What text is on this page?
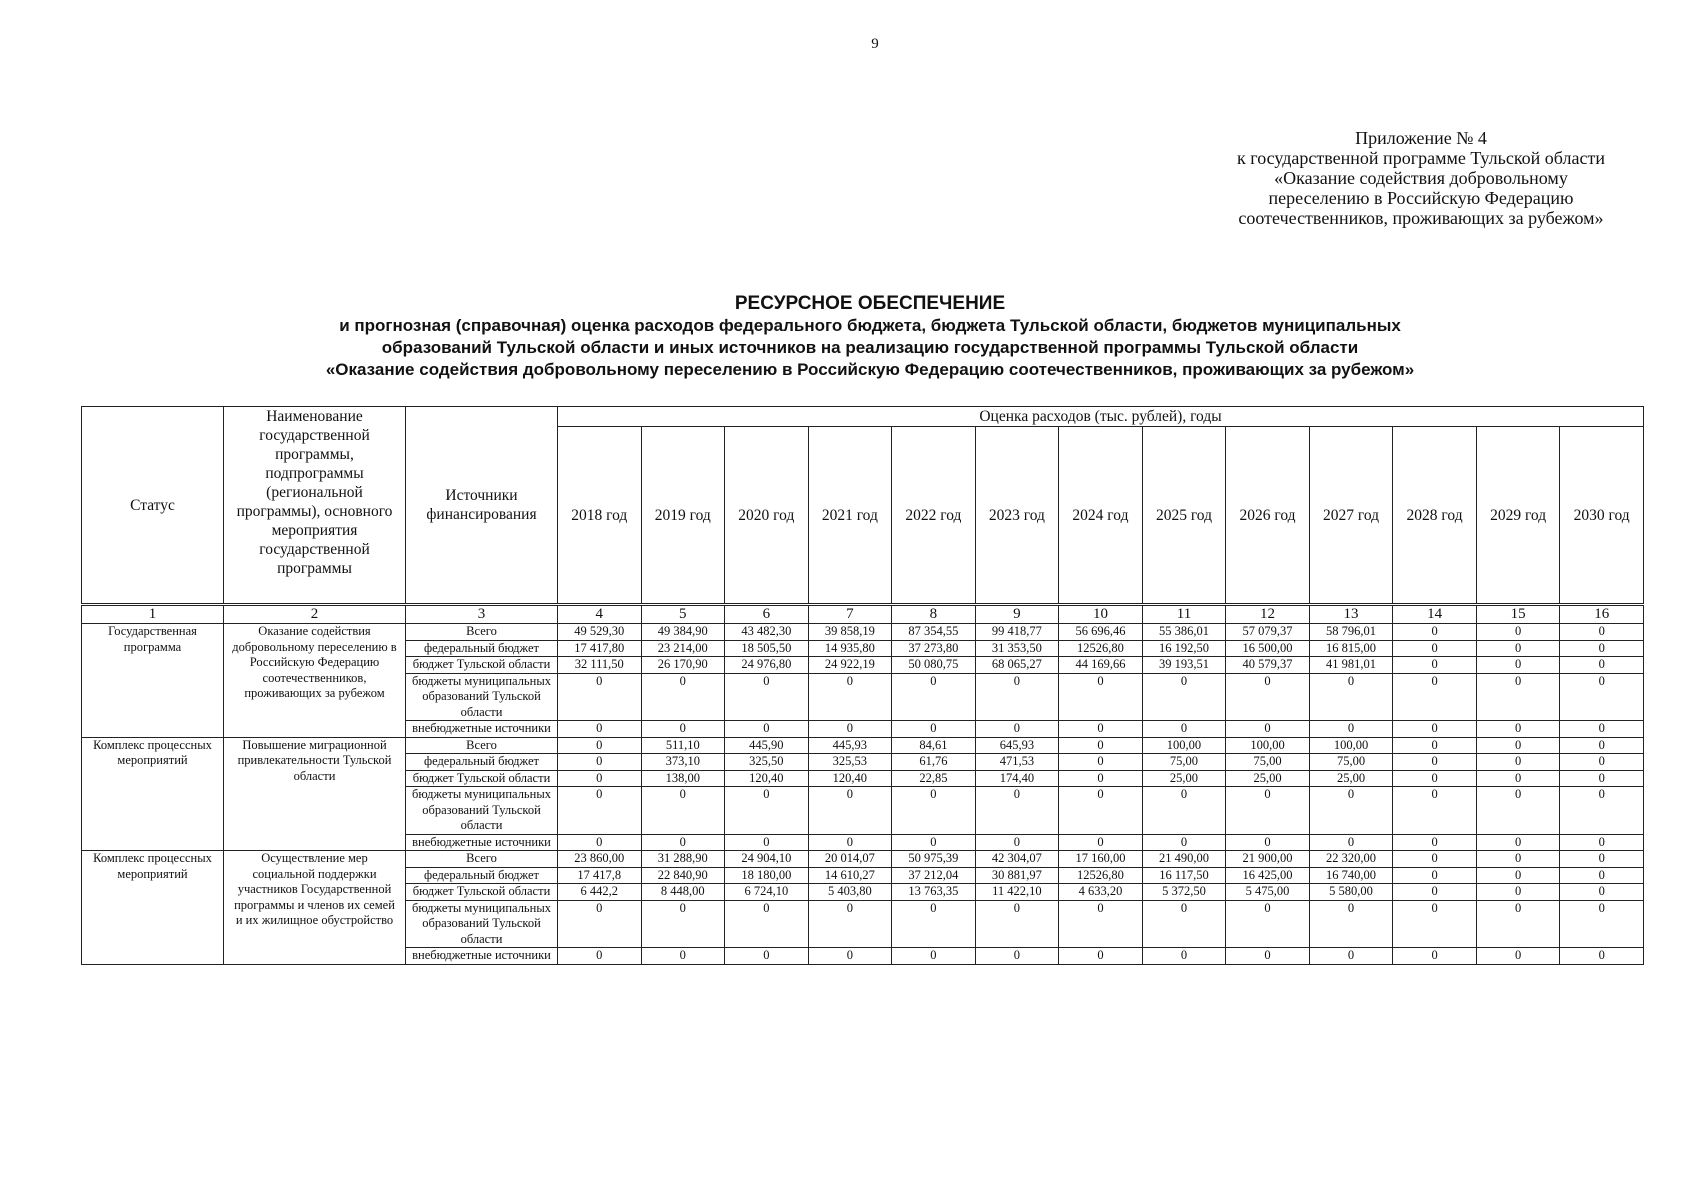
9
Приложение № 4
к государственной программе Тульской области
«Оказание содействия добровольному
переселению в Российскую Федерацию
соотечественников, проживающих за рубежом»
РЕСУРСНОЕ ОБЕСПЕЧЕНИЕ
и прогнозная (справочная) оценка расходов федерального бюджета, бюджета Тульской области, бюджетов муниципальных
образований Тульской области и иных источников на реализацию государственной программы Тульской области
«Оказание содействия добровольному переселению в Российскую Федерацию соотечественников, проживающих за рубежом»
Статус	Наименование государственной программы, подпрограммы (региональной программы), основного мероприятия государственной программы	Источники финансирования	Оценка расходов (тыс. рублей), годы												
			2018 год	2019 год	2020 год	2021 год	2022 год	2023 год	2024 год	2025 год	2026 год	2027 год	2028 год	2029 год	2030 год
1	2	3	4	5	6	7	8	9	10	11	12	13	14	15	16
Государственная программа	Оказание содействия добровольному переселению в Российскую Федерацию соотечественников, проживающих за рубежом	Всего	49 529,30	49 384,90	43 482,30	39 858,19	87 354,55	99 418,77	56 696,46	55 386,01	57 079,37	58 796,01	0	0	0
		федеральный бюджет	17 417,80	23 214,00	18 505,50	14 935,80	37 273,80	31 353,50	12526,80	16 192,50	16 500,00	16 815,00	0	0	0
		бюджет Тульской области	32 111,50	26 170,90	24 976,80	24 922,19	50 080,75	68 065,27	44 169,66	39 193,51	40 579,37	41 981,01	0	0	0
		бюджеты муниципальных образований Тульской области	0	0	0	0	0	0	0	0	0	0	0	0	0
		внебюджетные источники	0	0	0	0	0	0	0	0	0	0	0	0	0
Комплекс процессных мероприятий	Повышение миграционной привлекательности Тульской области	Всего	0	511,10	445,90	445,93	84,61	645,93	0	100,00	100,00	100,00	0	0	0
		федеральный бюджет	0	373,10	325,50	325,53	61,76	471,53	0	75,00	75,00	75,00	0	0	0
		бюджет Тульской области	0	138,00	120,40	120,40	22,85	174,40	0	25,00	25,00	25,00	0	0	0
		бюджеты муниципальных образований Тульской области	0	0	0	0	0	0	0	0	0	0	0	0	0
		внебюджетные источники	0	0	0	0	0	0	0	0	0	0	0	0	0
Комплекс процессных мероприятий	Осуществление мер социальной поддержки участников Государственной программы и членов их семей и их жилищное обустройство	Всего	23 860,00	31 288,90	24 904,10	20 014,07	50 975,39	42 304,07	17 160,00	21 490,00	21 900,00	22 320,00	0	0	0
		федеральный бюджет	17 417,8	22 840,90	18 180,00	14 610,27	37 212,04	30 881,97	12526,80	16 117,50	16 425,00	16 740,00	0	0	0
		бюджет Тульской области	6 442,2	8 448,00	6 724,10	5 403,80	13 763,35	11 422,10	4 633,20	5 372,50	5 475,00	5 580,00	0	0	0
		бюджеты муниципальных образований Тульской области	0	0	0	0	0	0	0	0	0	0	0	0	0
		внебюджетные источники	0	0	0	0	0	0	0	0	0	0	0	0	0
